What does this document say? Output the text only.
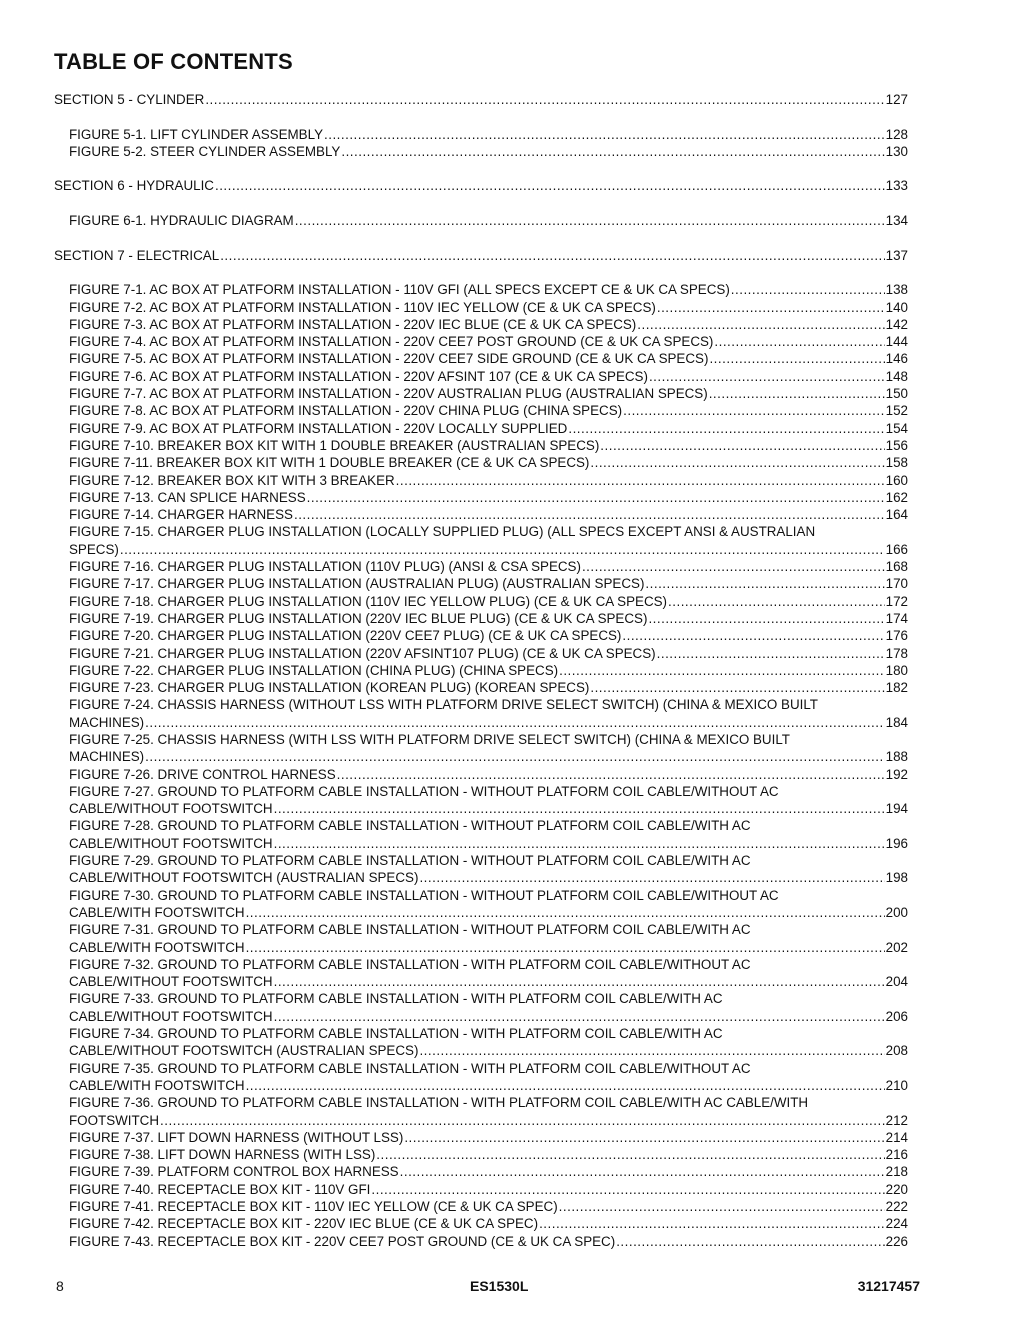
TABLE OF CONTENTS
SECTION 5 - CYLINDER .....	127
FIGURE 5-1. LIFT CYLINDER ASSEMBLY .....	128
FIGURE 5-2. STEER CYLINDER ASSEMBLY .....	130
SECTION 6 - HYDRAULIC .....	133
FIGURE 6-1. HYDRAULIC DIAGRAM .....	134
SECTION 7 - ELECTRICAL .....	137
FIGURE 7-1. AC BOX AT PLATFORM INSTALLATION - 110V GFI (ALL SPECS EXCEPT CE & UK CA SPECS) .....	138
FIGURE 7-2. AC BOX AT PLATFORM INSTALLATION - 110V IEC YELLOW (CE & UK CA SPECS) .....	140
FIGURE 7-3. AC BOX AT PLATFORM INSTALLATION - 220V IEC BLUE (CE & UK CA SPECS) .....	142
FIGURE 7-4. AC BOX AT PLATFORM INSTALLATION - 220V CEE7 POST GROUND (CE & UK CA SPECS) .....	144
FIGURE 7-5. AC BOX AT PLATFORM INSTALLATION - 220V CEE7 SIDE GROUND (CE & UK CA SPECS) .....	146
FIGURE 7-6. AC BOX AT PLATFORM INSTALLATION - 220V AFSINT 107 (CE & UK CA SPECS) .....	148
FIGURE 7-7. AC BOX AT PLATFORM INSTALLATION - 220V AUSTRALIAN PLUG (AUSTRALIAN SPECS) .....	150
FIGURE 7-8. AC BOX AT PLATFORM INSTALLATION - 220V CHINA PLUG (CHINA SPECS) .....	152
FIGURE 7-9. AC BOX AT PLATFORM INSTALLATION - 220V LOCALLY SUPPLIED .....	154
FIGURE 7-10. BREAKER BOX KIT WITH 1 DOUBLE BREAKER (AUSTRALIAN SPECS) .....	156
FIGURE 7-11. BREAKER BOX KIT WITH 1 DOUBLE BREAKER (CE & UK CA SPECS) .....	158
FIGURE 7-12. BREAKER BOX KIT WITH 3 BREAKER .....	160
FIGURE 7-13. CAN SPLICE HARNESS .....	162
FIGURE 7-14. CHARGER HARNESS .....	164
FIGURE 7-15. CHARGER PLUG INSTALLATION (LOCALLY SUPPLIED PLUG) (ALL SPECS EXCEPT ANSI & AUSTRALIAN
SPECS) .....	166
FIGURE 7-16. CHARGER PLUG INSTALLATION (110V PLUG) (ANSI & CSA SPECS) .....	168
FIGURE 7-17. CHARGER PLUG INSTALLATION (AUSTRALIAN PLUG) (AUSTRALIAN SPECS) .....	170
FIGURE 7-18. CHARGER PLUG INSTALLATION (110V IEC YELLOW PLUG) (CE & UK CA SPECS) .....	172
FIGURE 7-19. CHARGER PLUG INSTALLATION (220V IEC BLUE PLUG) (CE & UK CA SPECS) .....	174
FIGURE 7-20. CHARGER PLUG INSTALLATION (220V CEE7 PLUG) (CE & UK CA SPECS) .....	176
FIGURE 7-21. CHARGER PLUG INSTALLATION (220V AFSINT107 PLUG) (CE & UK CA SPECS) .....	178
FIGURE 7-22. CHARGER PLUG INSTALLATION (CHINA PLUG) (CHINA SPECS) .....	180
FIGURE 7-23. CHARGER PLUG INSTALLATION (KOREAN PLUG) (KOREAN SPECS) .....	182
FIGURE 7-24. CHASSIS HARNESS (WITHOUT LSS WITH PLATFORM DRIVE SELECT SWITCH) (CHINA & MEXICO BUILT
MACHINES) .....	184
FIGURE 7-25. CHASSIS HARNESS (WITH LSS WITH PLATFORM DRIVE SELECT SWITCH) (CHINA & MEXICO BUILT
MACHINES) .....	188
FIGURE 7-26. DRIVE CONTROL HARNESS .....	192
FIGURE 7-27. GROUND TO PLATFORM CABLE INSTALLATION - WITHOUT PLATFORM COIL CABLE/WITHOUT AC
CABLE/WITHOUT FOOTSWITCH .....	194
FIGURE 7-28. GROUND TO PLATFORM CABLE INSTALLATION - WITHOUT PLATFORM COIL CABLE/WITH AC
CABLE/WITHOUT FOOTSWITCH .....	196
FIGURE 7-29. GROUND TO PLATFORM CABLE INSTALLATION - WITHOUT PLATFORM COIL CABLE/WITH AC
CABLE/WITHOUT FOOTSWITCH (AUSTRALIAN SPECS) .....	198
FIGURE 7-30. GROUND TO PLATFORM CABLE INSTALLATION - WITHOUT PLATFORM COIL CABLE/WITHOUT AC
CABLE/WITH FOOTSWITCH .....	200
FIGURE 7-31. GROUND TO PLATFORM CABLE INSTALLATION - WITHOUT PLATFORM COIL CABLE/WITH AC
CABLE/WITH FOOTSWITCH .....	202
FIGURE 7-32. GROUND TO PLATFORM CABLE INSTALLATION - WITH PLATFORM COIL CABLE/WITHOUT AC
CABLE/WITHOUT FOOTSWITCH .....	204
FIGURE 7-33. GROUND TO PLATFORM CABLE INSTALLATION - WITH PLATFORM COIL CABLE/WITH AC
CABLE/WITHOUT FOOTSWITCH .....	206
FIGURE 7-34. GROUND TO PLATFORM CABLE INSTALLATION - WITH PLATFORM COIL CABLE/WITH AC
CABLE/WITHOUT FOOTSWITCH (AUSTRALIAN SPECS) .....	208
FIGURE 7-35. GROUND TO PLATFORM CABLE INSTALLATION - WITH PLATFORM COIL CABLE/WITHOUT AC
CABLE/WITH FOOTSWITCH .....	210
FIGURE 7-36. GROUND TO PLATFORM CABLE INSTALLATION - WITH PLATFORM COIL CABLE/WITH AC CABLE/WITH
FOOTSWITCH .....	212
FIGURE 7-37. LIFT DOWN HARNESS (WITHOUT LSS) .....	214
FIGURE 7-38. LIFT DOWN HARNESS (WITH LSS) .....	216
FIGURE 7-39. PLATFORM CONTROL BOX HARNESS .....	218
FIGURE 7-40. RECEPTACLE BOX KIT - 110V GFI .....	220
FIGURE 7-41. RECEPTACLE BOX KIT - 110V IEC YELLOW (CE & UK CA SPEC) .....	222
FIGURE 7-42. RECEPTACLE BOX KIT - 220V IEC BLUE (CE & UK CA SPEC) .....	224
FIGURE 7-43. RECEPTACLE BOX KIT - 220V CEE7 POST GROUND (CE & UK CA SPEC) .....	226
8	ES1530L	31217457
